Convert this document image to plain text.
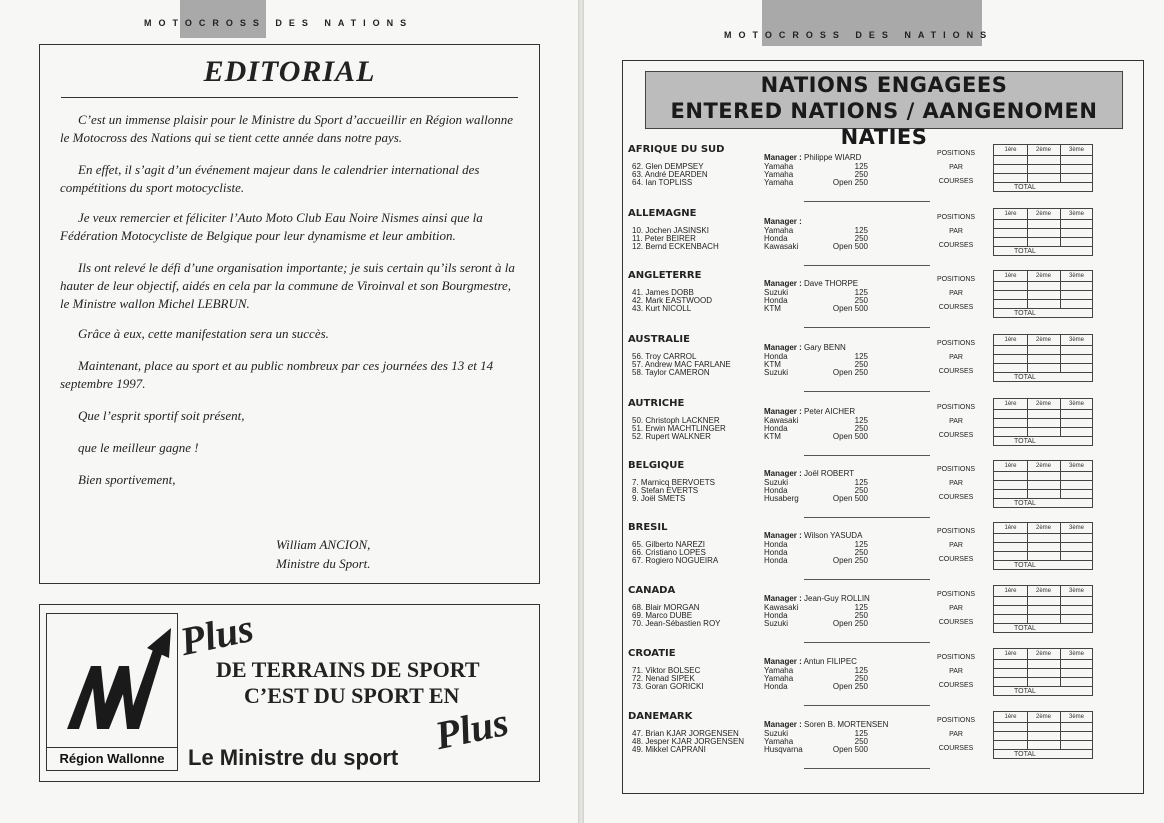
MOTOCROSS DES NATIONS
EDITORIAL
C’est un immense plaisir pour le Ministre du Sport d’accueillir en Région wallonne le Motocross des Nations qui se tient cette année dans notre pays.
En effet, il s’agit d’un événement majeur dans le calendrier international des compétitions du sport motocycliste.
Je veux remercier et féliciter l’Auto Moto Club Eau Noire Nismes ainsi que la Fédération Motocycliste de Belgique pour leur dynamisme et leur ambition.
Ils ont relevé le défi d’une organisation importante; je suis certain qu’ils seront à la hauter de leur objectif, aidés en cela par la commune de Viroinval et son Bourgmestre, le Ministre wallon Michel LEBRUN.
Grâce à eux, cette manifestation sera un succès.
Maintenant, place au sport et au public nombreux par ces journées des 13 et 14 septembre 1997.
Que l’esprit sportif soit présent,
que le meilleur gagne !
Bien sportivement,
William ANCION,
Ministre du Sport.
Région Wallonne
Plus
DE TERRAINS DE SPORT
C’EST DU SPORT EN
Plus
Le Ministre du sport
MOTOCROSS DES NATIONS
NATIONS ENGAGEES
ENTERED NATIONS / AANGENOMEN NATIES
AFRIQUE DU SUD
Manager : Philippe WIARD
62. Glen DEMPSEY	Yamaha	125
63. André DEARDEN	Yamaha	250
64. Ian TOPLISS	Yamaha	Open 250
POSITIONS
PAR
COURSES
1ère	2ème	3ème
TOTAL
ALLEMAGNE
Manager :
10. Jochen JASINSKI	Yamaha	125
11. Peter BEIRER	Honda	250
12. Bernd ECKENBACH	Kawasaki	Open 500
POSITIONS
PAR
COURSES
1ère	2ème	3ème
TOTAL
ANGLETERRE
Manager : Dave THORPE
41. James DOBB	Suzuki	125
42. Mark EASTWOOD	Honda	250
43. Kurt NICOLL	KTM	Open 500
POSITIONS
PAR
COURSES
1ère	2ème	3ème
TOTAL
AUSTRALIE
Manager : Gary BENN
56. Troy CARROL	Honda	125
57. Andrew MAC FARLANE	KTM	250
58. Taylor CAMERON	Suzuki	Open 250
POSITIONS
PAR
COURSES
1ère	2ème	3ème
TOTAL
AUTRICHE
Manager : Peter AICHER
50. Christoph LACKNER	Kawasaki	125
51. Erwin MACHTLINGER	Honda	250
52. Rupert WALKNER	KTM	Open 500
POSITIONS
PAR
COURSES
1ère	2ème	3ème
TOTAL
BELGIQUE
Manager : Joël ROBERT
7. Marnicq BERVOETS	Suzuki	125
8. Stefan EVERTS	Honda	250
9. Joël SMETS	Husaberg	Open 500
POSITIONS
PAR
COURSES
1ère	2ème	3ème
TOTAL
BRESIL
Manager : Wilson YASUDA
65. Gilberto NAREZI	Honda	125
66. Cristiano LOPES	Honda	250
67. Rogiero NOGUEIRA	Honda	Open 250
POSITIONS
PAR
COURSES
1ère	2ème	3ème
TOTAL
CANADA
Manager : Jean-Guy ROLLIN
68. Blair MORGAN	Kawasaki	125
69. Marco DUBE	Honda	250
70. Jean-Sébastien ROY	Suzuki	Open 250
POSITIONS
PAR
COURSES
1ère	2ème	3ème
TOTAL
CROATIE
Manager : Antun FILIPEC
71. Viktor BOLSEC	Yamaha	125
72. Nenad SIPEK	Yamaha	250
73. Goran GORICKI	Honda	Open 250
POSITIONS
PAR
COURSES
1ère	2ème	3ème
TOTAL
DANEMARK
Manager : Soren B. MORTENSEN
47. Brian KJAR JORGENSEN	Suzuki	125
48. Jesper KJAR JORGENSEN Yamaha	250
49. Mikkel CAPRANI	Husqvarna	Open 500
POSITIONS
PAR
COURSES
1ère	2ème	3ème
TOTAL
